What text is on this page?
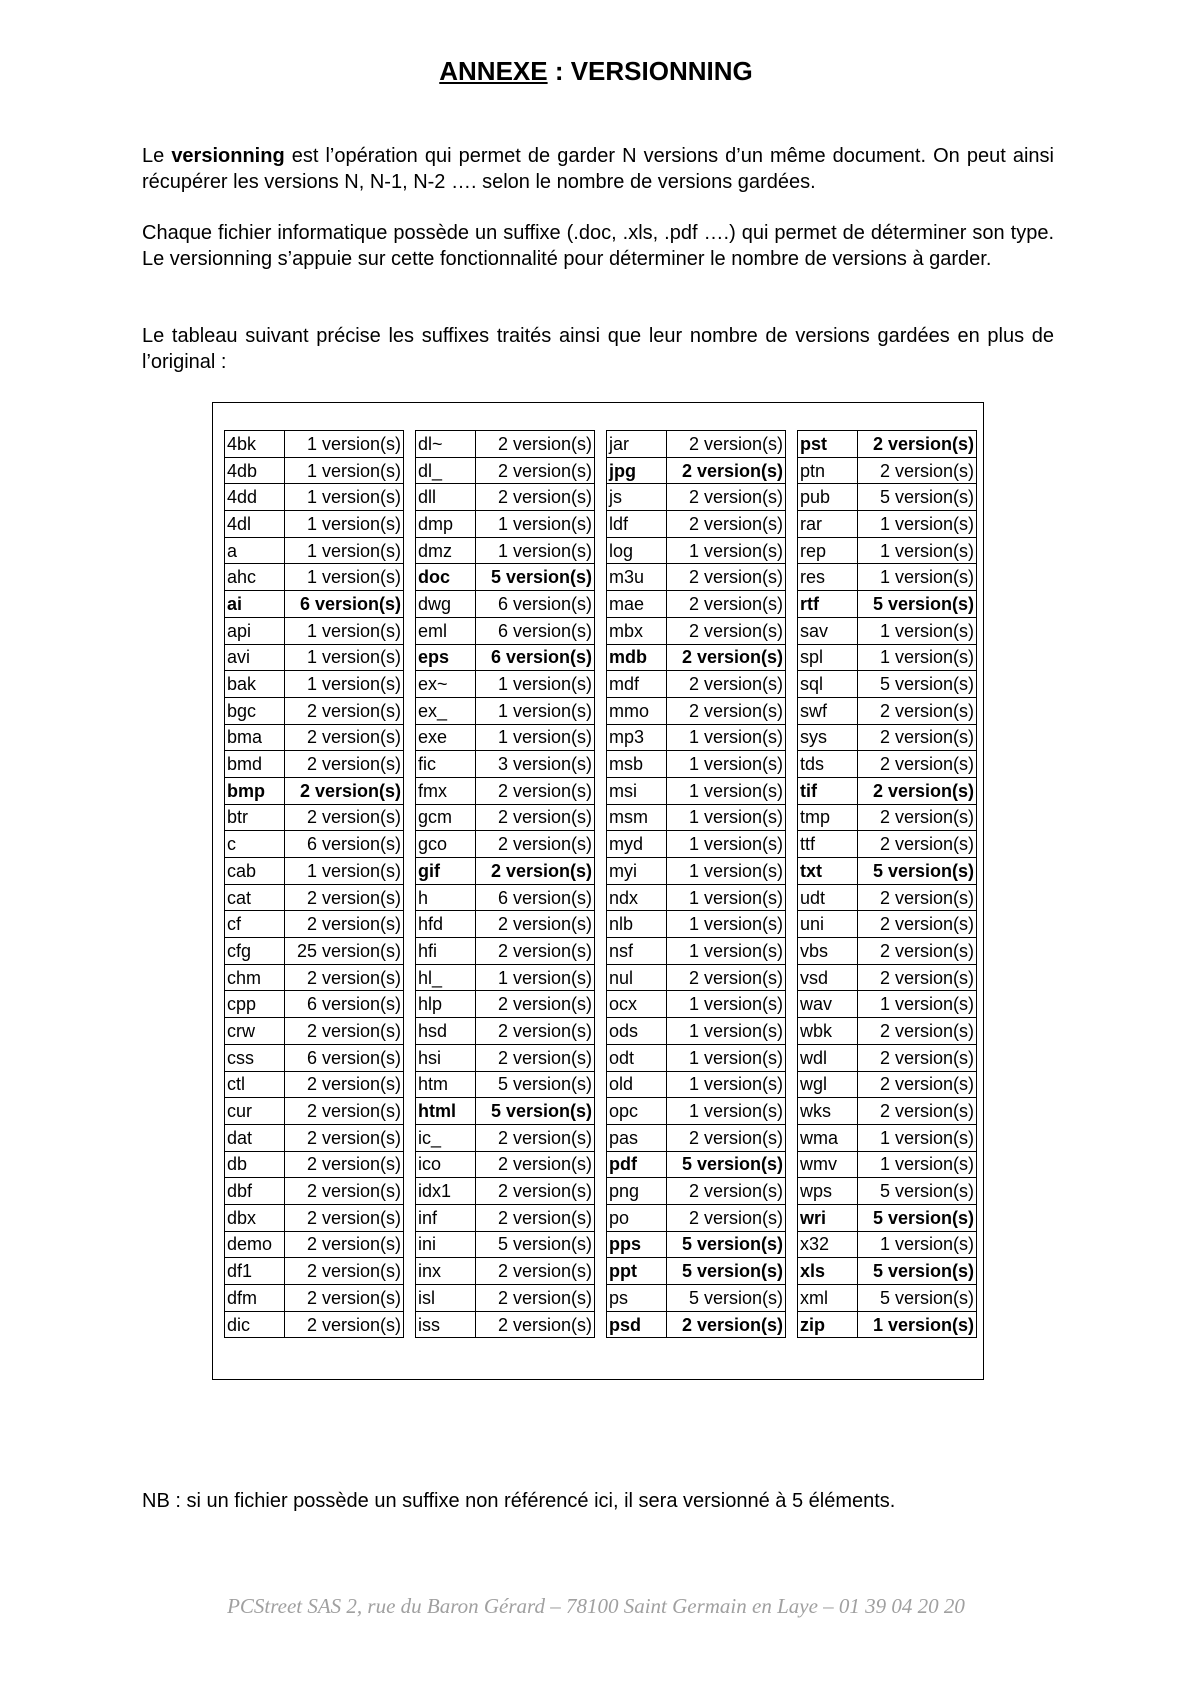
ANNEXE : VERSIONNING

Le versionning est l’opération qui permet de garder N versions d’un même document. On peut ainsi récupérer les versions N, N-1, N-2 …. selon le nombre de versions gardées.

Chaque fichier informatique possède un suffixe (.doc, .xls, .pdf ….) qui permet de déterminer son type. Le versionning s’appuie sur cette fonctionnalité pour déterminer le nombre de versions à garder.

Le tableau suivant précise les suffixes traités ainsi que leur nombre de versions gardées en plus de l’original :

4bk	1 version(s)
4db	1 version(s)
4dd	1 version(s)
4dl	1 version(s)
a	1 version(s)
ahc	1 version(s)
ai	6 version(s)
api	1 version(s)
avi	1 version(s)
bak	1 version(s)
bgc	2 version(s)
bma	2 version(s)
bmd	2 version(s)
bmp	2 version(s)
btr	2 version(s)
c	6 version(s)
cab	1 version(s)
cat	2 version(s)
cf	2 version(s)
cfg	25 version(s)
chm	2 version(s)
cpp	6 version(s)
crw	2 version(s)
css	6 version(s)
ctl	2 version(s)
cur	2 version(s)
dat	2 version(s)
db	2 version(s)
dbf	2 version(s)
dbx	2 version(s)
demo	2 version(s)
df1	2 version(s)
dfm	2 version(s)
dic	2 version(s)
dl~	2 version(s)
dl_	2 version(s)
dll	2 version(s)
dmp	1 version(s)
dmz	1 version(s)
doc	5 version(s)
dwg	6 version(s)
eml	6 version(s)
eps	6 version(s)
ex~	1 version(s)
ex_	1 version(s)
exe	1 version(s)
fic	3 version(s)
fmx	2 version(s)
gcm	2 version(s)
gco	2 version(s)
gif	2 version(s)
h	6 version(s)
hfd	2 version(s)
hfi	2 version(s)
hl_	1 version(s)
hlp	2 version(s)
hsd	2 version(s)
hsi	2 version(s)
htm	5 version(s)
html	5 version(s)
ic_	2 version(s)
ico	2 version(s)
idx1	2 version(s)
inf	2 version(s)
ini	5 version(s)
inx	2 version(s)
isl	2 version(s)
iss	2 version(s)
jar	2 version(s)
jpg	2 version(s)
js	2 version(s)
ldf	2 version(s)
log	1 version(s)
m3u	2 version(s)
mae	2 version(s)
mbx	2 version(s)
mdb	2 version(s)
mdf	2 version(s)
mmo	2 version(s)
mp3	1 version(s)
msb	1 version(s)
msi	1 version(s)
msm	1 version(s)
myd	1 version(s)
myi	1 version(s)
ndx	1 version(s)
nlb	1 version(s)
nsf	1 version(s)
nul	2 version(s)
ocx	1 version(s)
ods	1 version(s)
odt	1 version(s)
old	1 version(s)
opc	1 version(s)
pas	2 version(s)
pdf	5 version(s)
png	2 version(s)
po	2 version(s)
pps	5 version(s)
ppt	5 version(s)
ps	5 version(s)
psd	2 version(s)
pst	2 version(s)
ptn	2 version(s)
pub	5 version(s)
rar	1 version(s)
rep	1 version(s)
res	1 version(s)
rtf	5 version(s)
sav	1 version(s)
spl	1 version(s)
sql	5 version(s)
swf	2 version(s)
sys	2 version(s)
tds	2 version(s)
tif	2 version(s)
tmp	2 version(s)
ttf	2 version(s)
txt	5 version(s)
udt	2 version(s)
uni	2 version(s)
vbs	2 version(s)
vsd	2 version(s)
wav	1 version(s)
wbk	2 version(s)
wdl	2 version(s)
wgl	2 version(s)
wks	2 version(s)
wma	1 version(s)
wmv	1 version(s)
wps	5 version(s)
wri	5 version(s)
x32	1 version(s)
xls	5 version(s)
xml	5 version(s)
zip	1 version(s)

NB : si un fichier possède un suffixe non référencé ici, il sera versionné à 5 éléments.

PCStreet SAS 2, rue du Baron Gérard – 78100 Saint Germain en Laye – 01 39 04 20 20
